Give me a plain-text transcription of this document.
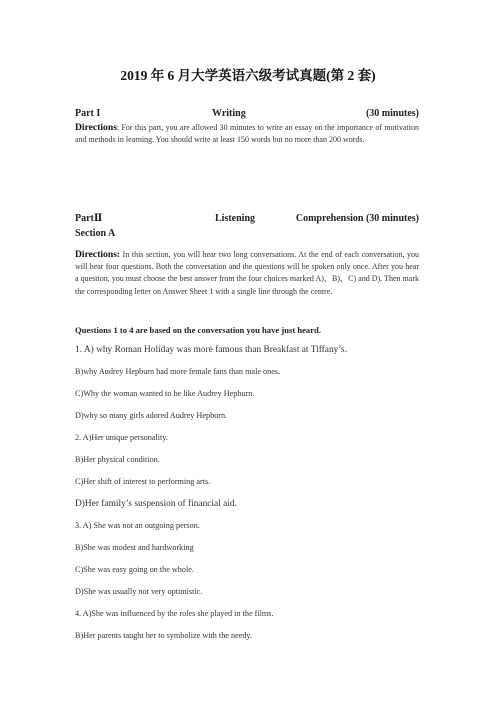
2019 年 6 月大学英语六级考试真题(第 2 套)
Part I	Writing	(30 minutes)
Directions: For this part, you are allowed 30 minutes to write an essay on the importance of motivation and methods in learning. You should write at least 150 words but no more than 200 words.
PartⅡ	Listening	Comprehension (30 minutes)
Section A
Directions: In this section, you will hear two long conversations. At the end of each conversation, you will hear four questions. Both the conversation and the questions will be spoken only once. After you hear a question, you must choose the best answer from the four choices marked A)，B)，C) and D). Then mark the corresponding letter on Answer Sheet 1 with a single line through the centre.
Questions 1 to 4 are based on the conversation you have just heard.
1. A) why Roman Holiday was more famous than Breakfast at Tiffany’s.
B)why Audrey Hepburn had more female fans than male ones.
C)Why the woman wanted to be like Audrey Hepburn.
D)why so many girls adored Audrey Hepburn.
2. A)Her unique personality.
B)Her physical condition.
C)Her shift of interest to performing arts.
D)Her family’s suspension of financial aid.
3. A) She was not an outgoing person.
B)She was modest and hardworking
C)She was easy going on the whole.
D)She was usually not very optimistic.
4. A)She was influenced by the roles she played in the films.
B)Her parents taught her to symbolize with the needy.
